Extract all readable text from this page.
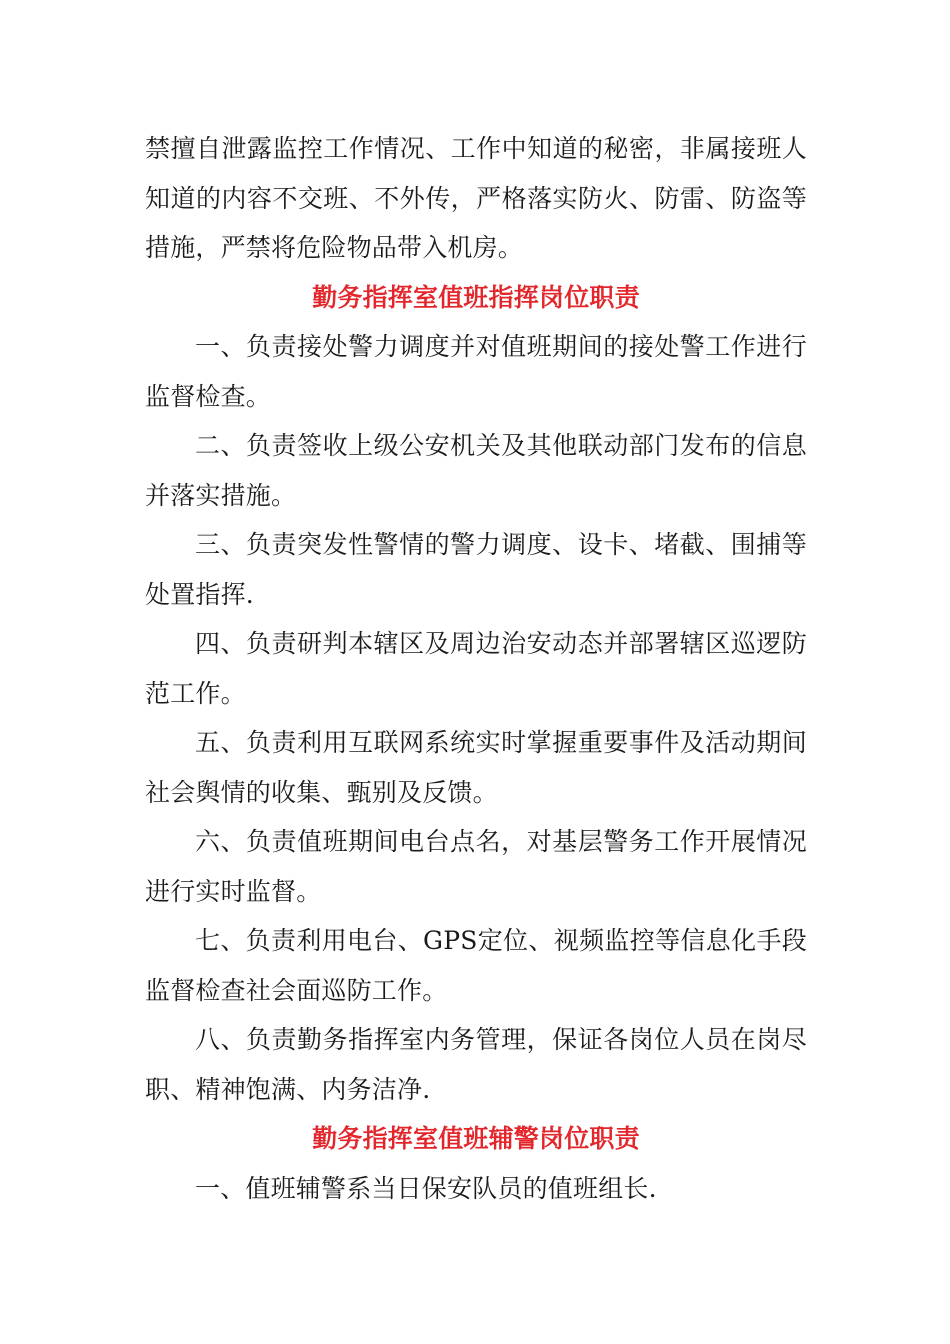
禁擅自泄露监控工作情况、工作中知道的秘密，非属接班人知道的内容不交班、不外传，严格落实防火、防雷、防盗等措施，严禁将危险物品带入机房。

勤务指挥室值班指挥岗位职责

一、负责接处警力调度并对值班期间的接处警工作进行监督检查。

二、负责签收上级公安机关及其他联动部门发布的信息并落实措施。

三、负责突发性警情的警力调度、设卡、堵截、围捕等处置指挥.

四、负责研判本辖区及周边治安动态并部署辖区巡逻防范工作。

五、负责利用互联网系统实时掌握重要事件及活动期间社会舆情的收集、甄别及反馈。

六、负责值班期间电台点名，对基层警务工作开展情况进行实时监督。

七、负责利用电台、GPS定位、视频监控等信息化手段监督检查社会面巡防工作。

八、负责勤务指挥室内务管理，保证各岗位人员在岗尽职、精神饱满、内务洁净.

勤务指挥室值班辅警岗位职责

一、值班辅警系当日保安队员的值班组长.
